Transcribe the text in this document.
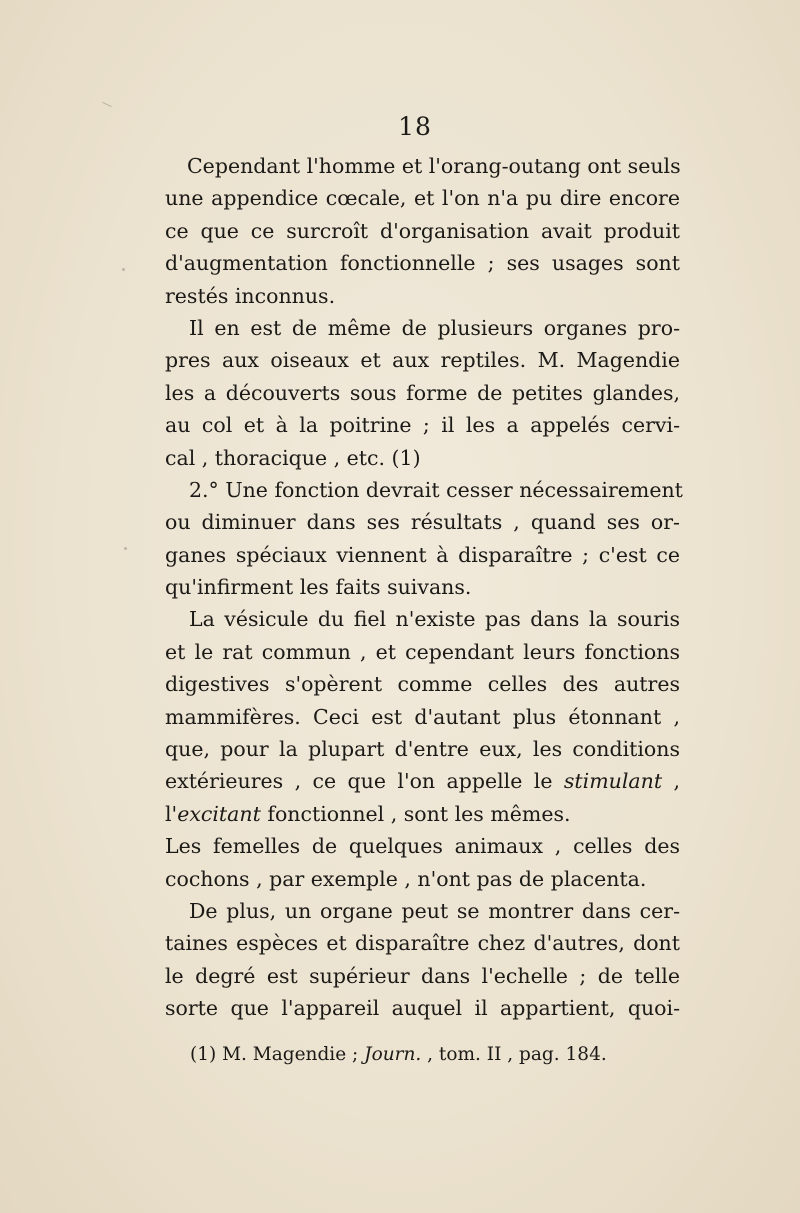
18
Cependant l'homme et l'orang-outang ont seuls
une appendice cœcale, et l'on n'a pu dire encore
ce que ce surcroît d'organisation avait produit
d'augmentation fonctionnelle ; ses usages sont
restés inconnus.
Il en est de même de plusieurs organes pro-
pres aux oiseaux et aux reptiles. M. Magendie
les a découverts sous forme de petites glandes,
au col et à la poitrine ; il les a appelés cervi-
cal , thoracique , etc. (1)
2.° Une fonction devrait cesser nécessairement
ou diminuer dans ses résultats , quand ses or-
ganes spéciaux viennent à disparaître ; c'est ce
qu'infirment les faits suivans.
La vésicule du fiel n'existe pas dans la souris
et le rat commun , et cependant leurs fonctions
digestives s'opèrent comme celles des autres
mammifères. Ceci est d'autant plus étonnant ,
que, pour la plupart d'entre eux, les conditions
extérieures , ce que l'on appelle le stimulant ,
l'excitant fonctionnel , sont les mêmes.
Les femelles de quelques animaux , celles des
cochons , par exemple , n'ont pas de placenta.
De plus, un organe peut se montrer dans cer-
taines espèces et disparaître chez d'autres, dont
le degré est supérieur dans l'echelle ; de telle
sorte que l'appareil auquel il appartient, quoi-
(1) M. Magendie ; Journ. , tom. II , pag. 184.
